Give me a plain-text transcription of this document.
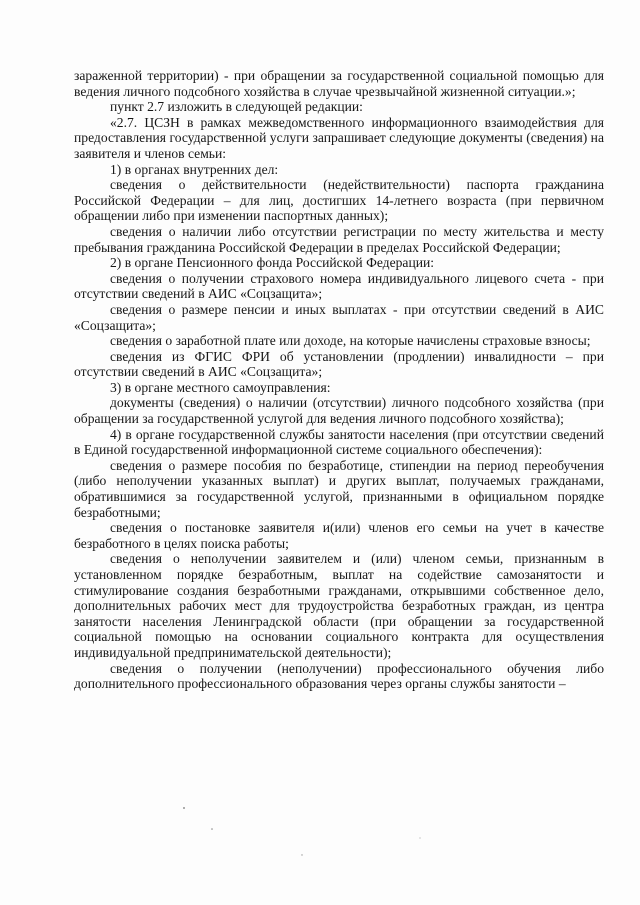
зараженной территории) - при обращении за государственной социальной помощью для ведения личного подсобного хозяйства в случае чрезвычайной жизненной ситуации.»;

пункт 2.7 изложить в следующей редакции:

«2.7. ЦСЗН в рамках межведомственного информационного взаимодействия для предоставления государственной услуги запрашивает следующие документы (сведения) на заявителя и членов семьи:

1) в органах внутренних дел:

сведения о действительности (недействительности) паспорта гражданина Российской Федерации – для лиц, достигших 14-летнего возраста (при первичном обращении либо при изменении паспортных данных);

сведения о наличии либо отсутствии регистрации по месту жительства и месту пребывания гражданина Российской Федерации в пределах Российской Федерации;

2) в органе Пенсионного фонда Российской Федерации:

сведения о получении страхового номера индивидуального лицевого счета - при отсутствии сведений в АИС «Соцзащита»;

сведения о размере пенсии и иных выплатах - при отсутствии сведений в АИС «Соцзащита»;

сведения о заработной плате или доходе, на которые начислены страховые взносы;

сведения из ФГИС ФРИ об установлении (продлении) инвалидности – при отсутствии сведений в АИС «Соцзащита»;

3) в органе местного самоуправления:

документы (сведения) о наличии (отсутствии) личного подсобного хозяйства (при обращении за государственной услугой для ведения личного подсобного хозяйства);

4) в органе государственной службы занятости населения (при отсутствии сведений в Единой государственной информационной системе социального обеспечения):

сведения о размере пособия по безработице, стипендии на период переобучения (либо неполучении указанных выплат) и других выплат, получаемых гражданами, обратившимися за государственной услугой, признанными в официальном порядке безработными;

сведения о постановке заявителя и(или) членов его семьи на учет в качестве безработного в целях поиска работы;

сведения о неполучении заявителем и (или) членом семьи, признанным в установленном порядке безработным, выплат на содействие самозанятости и стимулирование создания безработными гражданами, открывшими собственное дело, дополнительных рабочих мест для трудоустройства безработных граждан, из центра занятости населения Ленинградской области (при обращении за государственной социальной помощью на основании социального контракта для осуществления индивидуальной предпринимательской деятельности);

сведения о получении (неполучении) профессионального обучения либо дополнительного профессионального образования через органы службы занятости –
